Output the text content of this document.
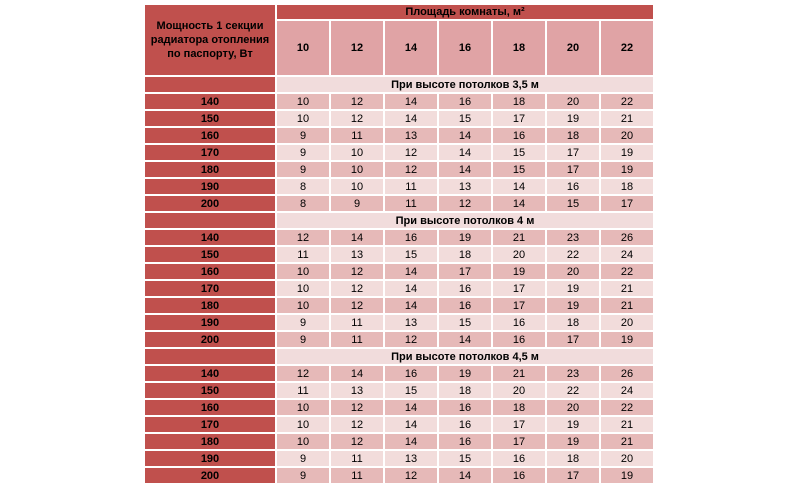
Мощность 1 секции
радиатора отопления
по паспорту, Вт	Площадь комнаты, м²						
	10	12	14	16	18	20	22
	При высоте потолков 3,5 м						
140	10	12	14	16	18	20	22
150	10	12	14	15	17	19	21
160	9	11	13	14	16	18	20
170	9	10	12	14	15	17	19
180	9	10	12	14	15	17	19
190	8	10	11	13	14	16	18
200	8	9	11	12	14	15	17
	При высоте потолков 4 м						
140	12	14	16	19	21	23	26
150	11	13	15	18	20	22	24
160	10	12	14	17	19	20	22
170	10	12	14	16	17	19	21
180	10	12	14	16	17	19	21
190	9	11	13	15	16	18	20
200	9	11	12	14	16	17	19
	При высоте потолков 4,5 м						
140	12	14	16	19	21	23	26
150	11	13	15	18	20	22	24
160	10	12	14	16	18	20	22
170	10	12	14	16	17	19	21
180	10	12	14	16	17	19	21
190	9	11	13	15	16	18	20
200	9	11	12	14	16	17	19
